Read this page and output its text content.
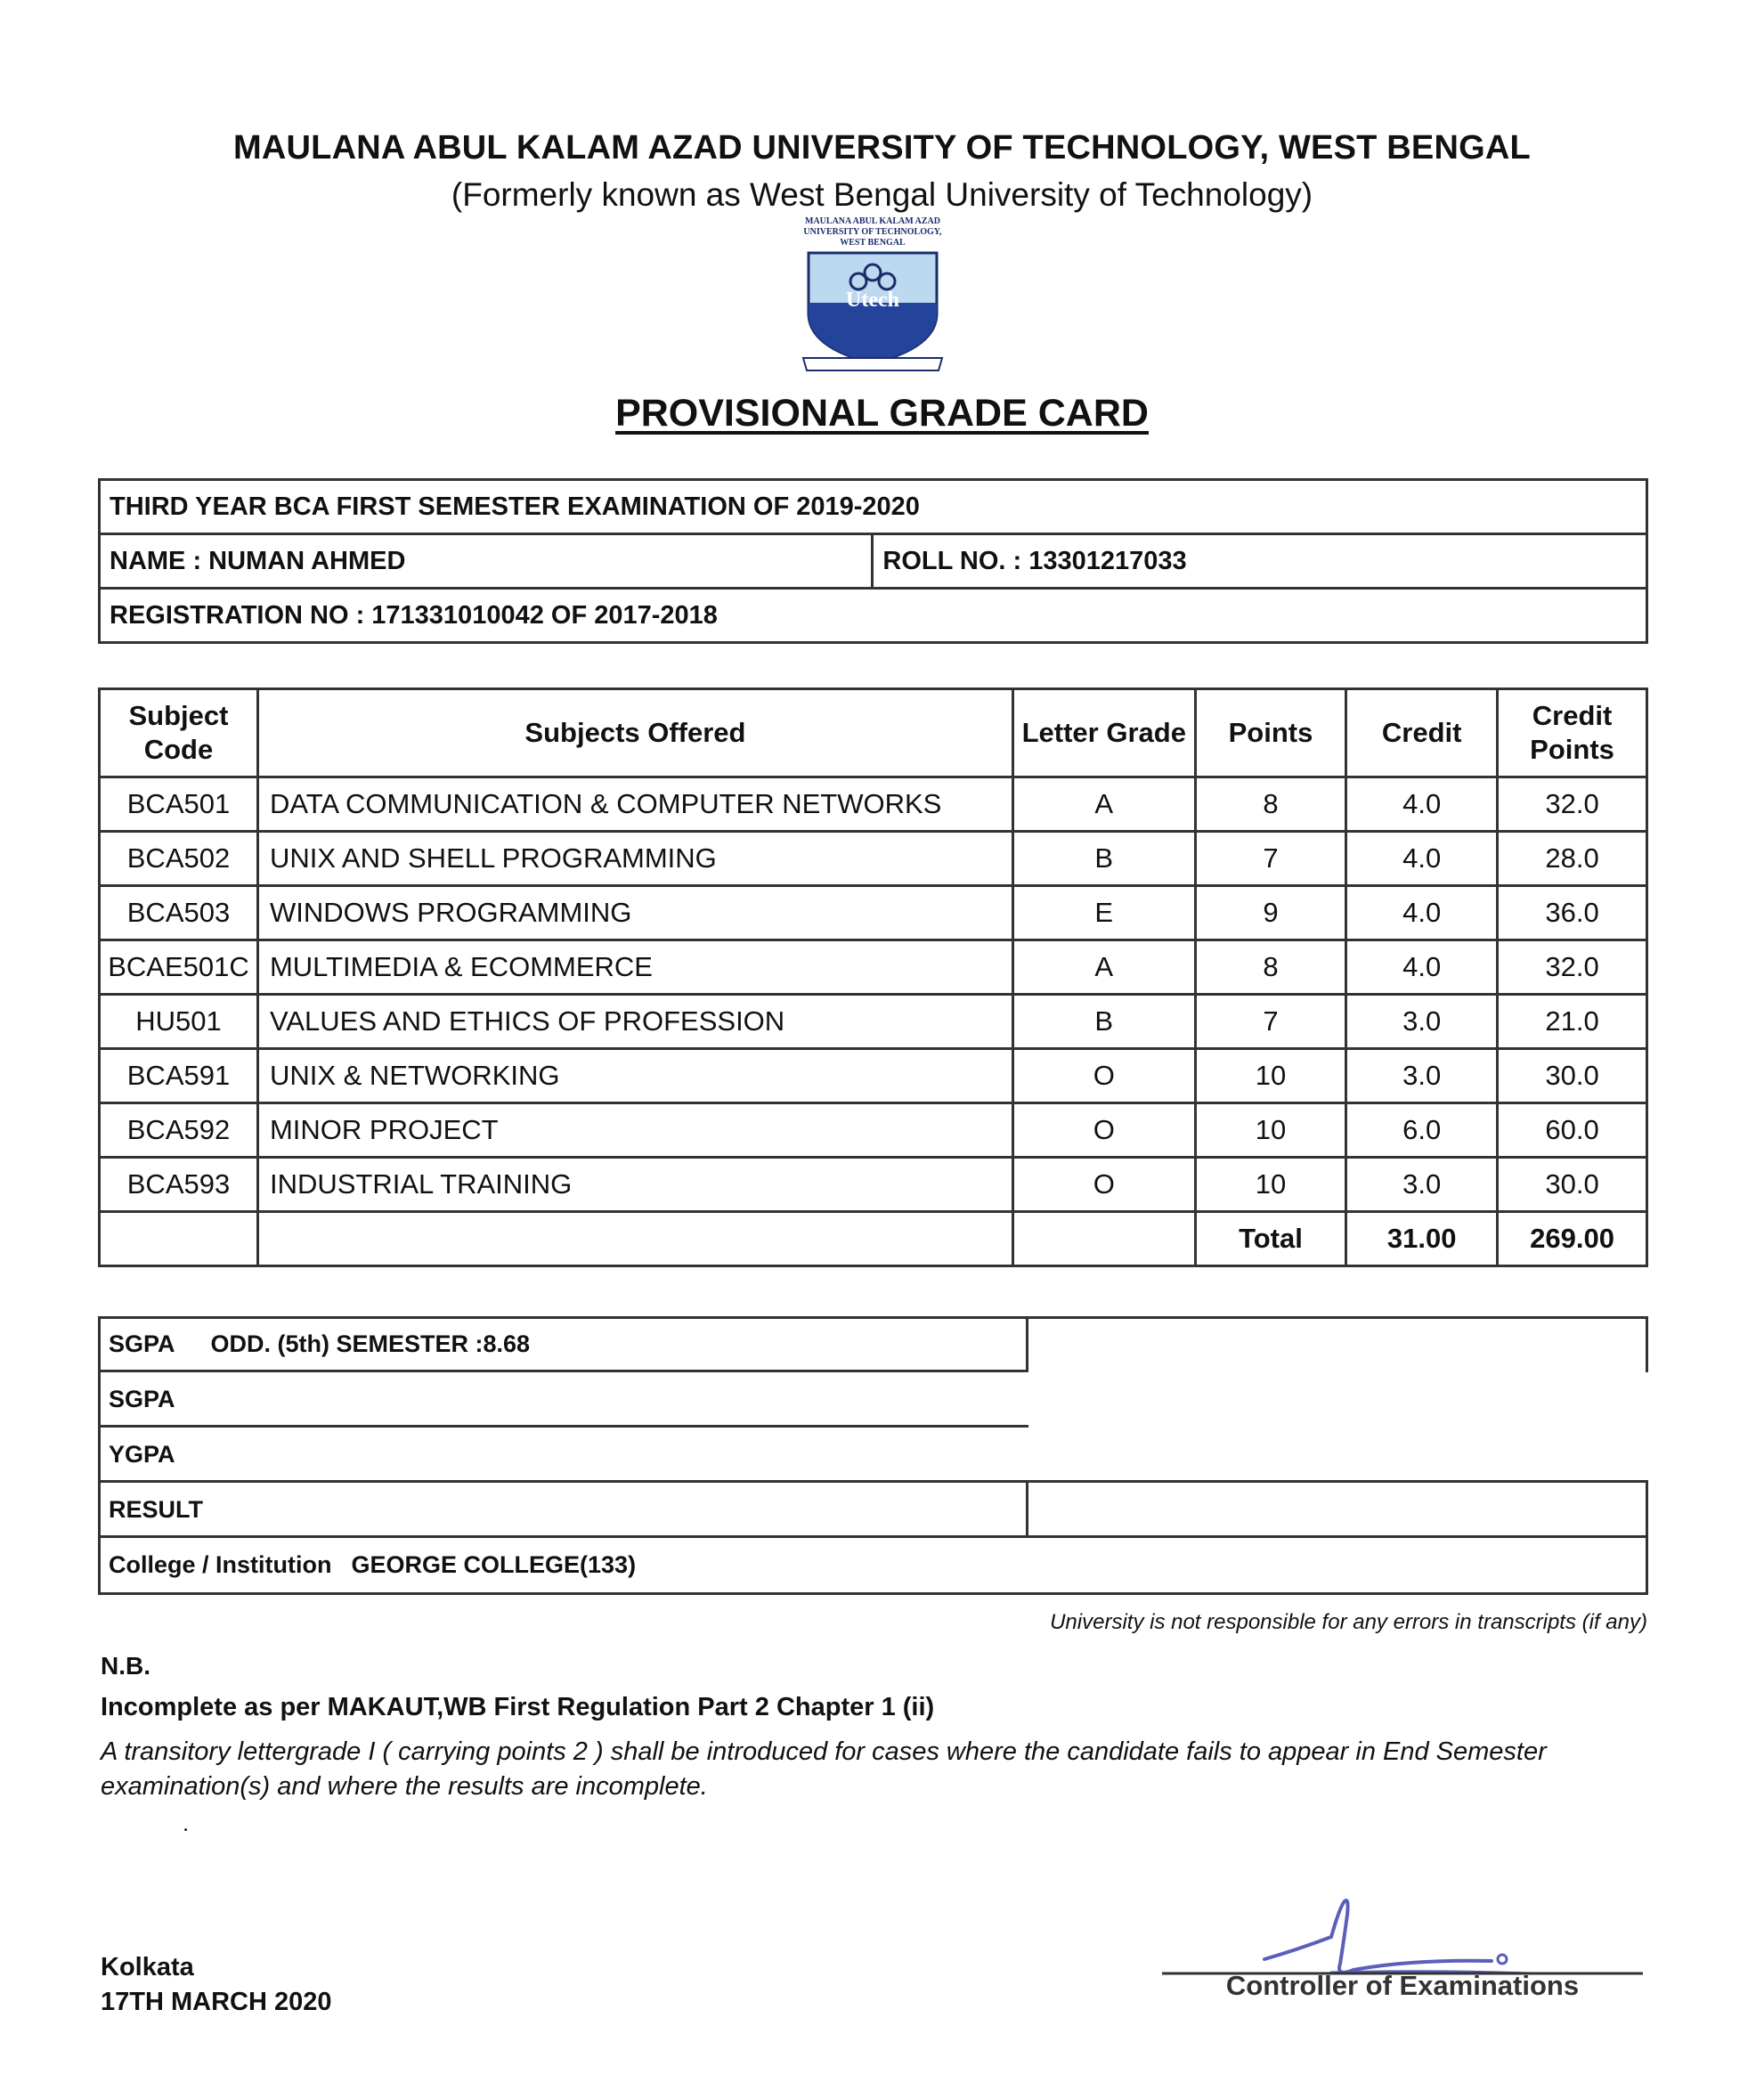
MAULANA ABUL KALAM AZAD UNIVERSITY OF TECHNOLOGY, WEST BENGAL
(Formerly known as West Bengal University of Technology)
MAULANA ABUL KALAM AZAD
UNIVERSITY OF TECHNOLOGY,
WEST BENGAL
Utech
PROVISIONAL GRADE CARD
THIRD YEAR BCA FIRST SEMESTER EXAMINATION OF 2019-2020
NAME : NUMAN AHMED	ROLL NO. : 13301217033
REGISTRATION NO : 171331010042 OF 2017-2018
Subject Code	Subjects Offered	Letter Grade	Points	Credit	Credit Points
BCA501	DATA COMMUNICATION & COMPUTER NETWORKS	A	8	4.0	32.0
BCA502	UNIX AND SHELL PROGRAMMING	B	7	4.0	28.0
BCA503	WINDOWS PROGRAMMING	E	9	4.0	36.0
BCAE501C	MULTIMEDIA & ECOMMERCE	A	8	4.0	32.0
HU501	VALUES AND ETHICS OF PROFESSION	B	7	3.0	21.0
BCA591	UNIX & NETWORKING	O	10	3.0	30.0
BCA592	MINOR PROJECT	O	10	6.0	60.0
BCA593	INDUSTRIAL TRAINING	O	10	3.0	30.0
			Total	31.00	269.00
SGPA ODD. (5th) SEMESTER :8.68
SGPA
YGPA
RESULT
College / Institution GEORGE COLLEGE(133)
University is not responsible for any errors in transcripts (if any)
N.B.
Incomplete as per MAKAUT,WB First Regulation Part 2 Chapter 1 (ii)
A transitory lettergrade I ( carrying points 2 ) shall be introduced for cases where the candidate fails to appear in End Semester examination(s) and where the results are incomplete.
.
Kolkata
17TH MARCH 2020
Controller of Examinations
